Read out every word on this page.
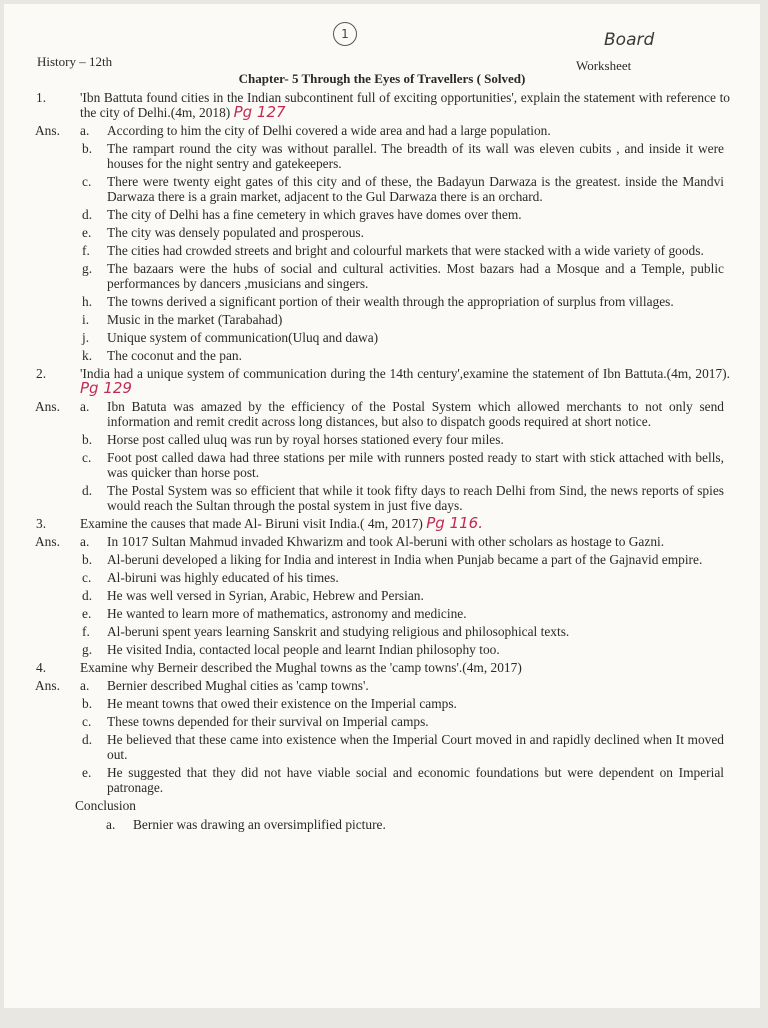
1	Board
History – 12th	Worksheet
Chapter- 5 Through the Eyes of Travellers ( Solved)
1.	'Ibn Battuta found cities in the Indian subcontinent full of exciting opportunities', explain the statement with reference to the city of Delhi.(4m, 2018) Pg 127
Ans. a. According to him the city of Delhi covered a wide area and had a large population.
b. The rampart round the city was without parallel. The breadth of its wall was eleven cubits , and inside it were houses for the night sentry and gatekeepers.
c. There were twenty eight gates of this city and of these, the Badayun Darwaza is the greatest. inside the Mandvi Darwaza there is a grain market, adjacent to the Gul Darwaza there is an orchard.
d. The city of Delhi has a fine cemetery in which graves have domes over them.
e. The city was densely populated and prosperous.
f. The cities had crowded streets and bright and colourful markets that were stacked with a wide variety of goods.
g. The bazaars were the hubs of social and cultural activities. Most bazars had a Mosque and a Temple, public performances by dancers ,musicians and singers.
h. The towns derived a significant portion of their wealth through the appropriation of surplus from villages.
i. Music in the market (Tarabahad)
j. Unique system of communication(Uluq and dawa)
k. The coconut and the pan.
2.	'India had a unique system of communication during the 14th century',examine the statement of Ibn Battuta.(4m, 2017). Pg 129
Ans. a. Ibn Batuta was amazed by the efficiency of the Postal System which allowed merchants to not only send information and remit credit across long distances, but also to dispatch goods required at short notice.
b. Horse post called uluq was run by royal horses stationed every four miles.
c. Foot post called dawa had three stations per mile with runners posted ready to start with stick attached with bells, was quicker than horse post.
d. The Postal System was so efficient that while it took fifty days to reach Delhi from Sind, the news reports of spies would reach the Sultan through the postal system in just five days.
3.	Examine the causes that made Al- Biruni visit India.( 4m, 2017) Pg 116.
Ans. a. In 1017 Sultan Mahmud invaded Khwarizm and took Al-beruni with other scholars as hostage to Gazni.
b. Al-beruni developed a liking for India and interest in India when Punjab became a part of the Gajnavid empire.
c. Al-biruni was highly educated of his times.
d. He was well versed in Syrian, Arabic, Hebrew and Persian.
e. He wanted to learn more of mathematics, astronomy and medicine.
f. Al-beruni spent years learning Sanskrit and studying religious and philosophical texts.
g. He visited India, contacted local people and learnt Indian philosophy too.
4.	Examine why Berneir described the Mughal towns as the 'camp towns'.(4m, 2017)
Ans. a. Bernier described Mughal cities as 'camp towns'.
b. He meant towns that owed their existence on the Imperial camps.
c. These towns depended for their survival on Imperial camps.
d. He believed that these came into existence when the Imperial Court moved in and rapidly declined when It moved out.
e. He suggested that they did not have viable social and economic foundations but were dependent on Imperial patronage.
Conclusion
a. Bernier was drawing an oversimplified picture.
